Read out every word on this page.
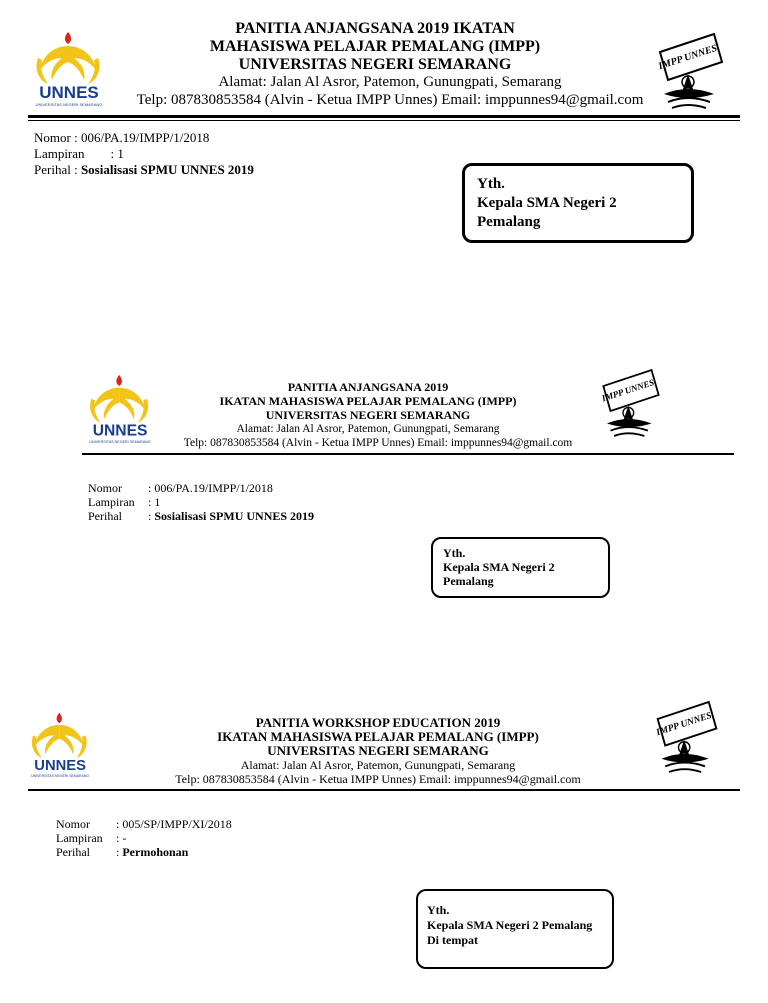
UNNES
UNIVERSITAS NEGERI SEMARANG
IMPP UNNES
PANITIA ANJANGSANA 2019 IKATAN
MAHASISWA PELAJAR PEMALANG (IMPP)
UNIVERSITAS NEGERI SEMARANG
Alamat: Jalan Al Asror, Patemon, Gunungpati, Semarang
Telp: 087830853584 (Alvin - Ketua IMPP Unnes) Email: imppunnes94@gmail.com
Nomor : 006/PA.19/IMPP/1/2018
Lampiran        : 1
Perihal : Sosialisasi SPMU UNNES 2019
Yth.
Kepala SMA Negeri 2
Pemalang
UNNES
UNIVERSITAS NEGERI SEMARANG
IMPP UNNES
PANITIA ANJANGSANA 2019
IKATAN MAHASISWA PELAJAR PEMALANG (IMPP)
UNIVERSITAS NEGERI SEMARANG
Alamat: Jalan Al Asror, Patemon, Gunungpati, Semarang
Telp: 087830853584 (Alvin - Ketua IMPP Unnes) Email: imppunnes94@gmail.com
Nomor : 006/PA.19/IMPP/1/2018
Lampiran : 1
Perihal : Sosialisasi SPMU UNNES 2019
Yth.
Kepala SMA Negeri 2
Pemalang
UNNES
UNIVERSITAS NEGERI SEMARANG
IMPP UNNES
PANITIA WORKSHOP EDUCATION 2019
IKATAN MAHASISWA PELAJAR PEMALANG (IMPP)
UNIVERSITAS NEGERI SEMARANG
Alamat: Jalan Al Asror, Patemon, Gunungpati, Semarang
Telp: 087830853584 (Alvin - Ketua IMPP Unnes) Email: imppunnes94@gmail.com
Nomor : 005/SP/IMPP/XI/2018
Lampiran : -
Perihal : Permohonan
Yth.
Kepala SMA Negeri 2 Pemalang
Di tempat
